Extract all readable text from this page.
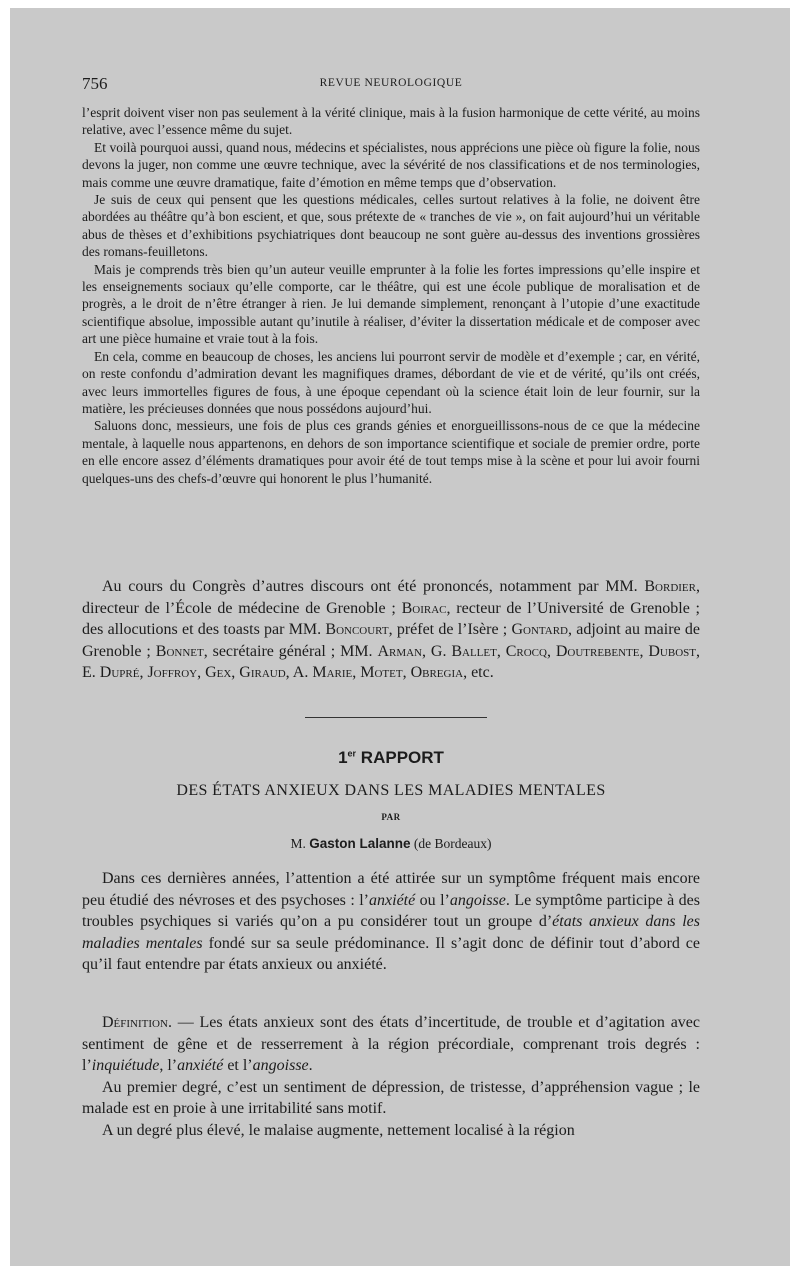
756	REVUE NEUROLOGIQUE

l’esprit doivent viser non pas seulement à la vérité clinique, mais à la fusion harmonique de cette vérité, au moins relative, avec l’essence même du sujet.

Et voilà pourquoi aussi, quand nous, médecins et spécialistes, nous apprécions une pièce où figure la folie, nous devons la juger, non comme une œuvre technique, avec la sévérité de nos classifications et de nos terminologies, mais comme une œuvre dramatique, faite d’émotion en même temps que d’observation.

Je suis de ceux qui pensent que les questions médicales, celles surtout relatives à la folie, ne doivent être abordées au théâtre qu’à bon escient, et que, sous prétexte de « tranches de vie », on fait aujourd’hui un véritable abus de thèses et d’exhibitions psychiatriques dont beaucoup ne sont guère au-dessus des inventions grossières des romans-feuilletons.

Mais je comprends très bien qu’un auteur veuille emprunter à la folie les fortes impressions qu’elle inspire et les enseignements sociaux qu’elle comporte, car le théâtre, qui est une école publique de moralisation et de progrès, a le droit de n’être étranger à rien. Je lui demande simplement, renonçant à l’utopie d’une exactitude scientifique absolue, impossible autant qu’inutile à réaliser, d’éviter la dissertation médicale et de composer avec art une pièce humaine et vraie tout à la fois.

En cela, comme en beaucoup de choses, les anciens lui pourront servir de modèle et d’exemple ; car, en vérité, on reste confondu d’admiration devant les magnifiques drames, débordant de vie et de vérité, qu’ils ont créés, avec leurs immortelles figures de fous, à une époque cependant où la science était loin de leur fournir, sur la matière, les précieuses données que nous possédons aujourd’hui.

Saluons donc, messieurs, une fois de plus ces grands génies et enorgueillissons-nous de ce que la médecine mentale, à laquelle nous appartenons, en dehors de son importance scientifique et sociale de premier ordre, porte en elle encore assez d’éléments dramatiques pour avoir été de tout temps mise à la scène et pour lui avoir fourni quelques-uns des chefs-d’œuvre qui honorent le plus l’humanité.

Au cours du Congrès d’autres discours ont été prononcés, notamment par MM. Bordier, directeur de l’École de médecine de Grenoble ; Boirac, recteur de l’Université de Grenoble ; des allocutions et des toasts par MM. Boncourt, préfet de l’Isère ; Gontard, adjoint au maire de Grenoble ; Bonnet, secrétaire général ; MM. Arman, G. Ballet, Crocq, Doutrebente, Dubost, E. Dupré, Joffroy, Gex, Giraud, A. Marie, Motet, Obregia, etc.

1er RAPPORT
DES ÉTATS ANXIEUX DANS LES MALADIES MENTALES
PAR
M. Gaston Lalanne (de Bordeaux)

Dans ces dernières années, l’attention a été attirée sur un symptôme fréquent mais encore peu étudié des névroses et des psychoses : l’anxiété ou l’angoisse. Le symptôme participe à des troubles psychiques si variés qu’on a pu considérer tout un groupe d’états anxieux dans les maladies mentales fondé sur sa seule prédominance. Il s’agit donc de définir tout d’abord ce qu’il faut entendre par états anxieux ou anxiété.

Définition. — Les états anxieux sont des états d’incertitude, de trouble et d’agitation avec sentiment de gêne et de resserrement à la région précordiale, comprenant trois degrés : l’inquiétude, l’anxiété et l’angoisse.

Au premier degré, c’est un sentiment de dépression, de tristesse, d’appréhension vague ; le malade est en proie à une irritabilité sans motif.

A un degré plus élevé, le malaise augmente, nettement localisé à la région
